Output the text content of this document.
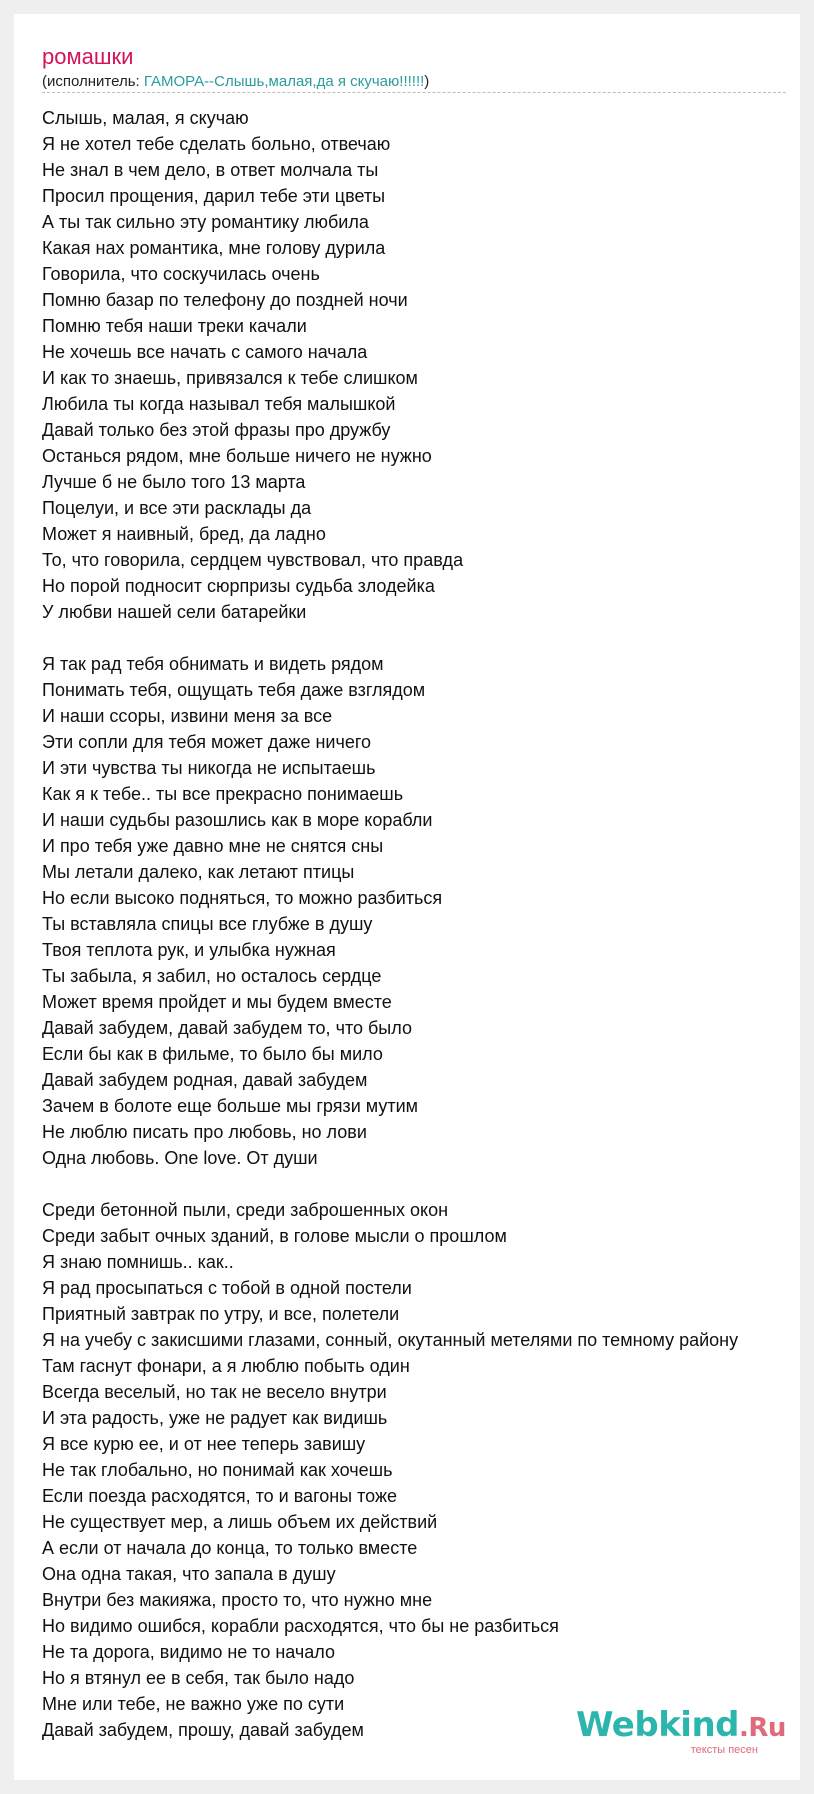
ромашки
(исполнитель: ГАМОРА--Слышь,малая,да я скучаю!!!!!!)
Слышь, малая, я скучаю
Я не хотел тебе сделать больно, отвечаю
Не знал в чем дело, в ответ молчала ты
Просил прощения, дарил тебе эти цветы
А ты так сильно эту романтику любила
Какая нах романтика, мне голову дурила
Говорила, что соскучилась очень
Помню базар по телефону до поздней ночи
Помню тебя наши треки качали
Не хочешь все начать с самого начала
И как то знаешь, привязался к тебе слишком
Любила ты когда называл тебя малышкой
Давай только без этой фразы про дружбу
Останься рядом, мне больше ничего не нужно
Лучше б не было того 13 марта
Поцелуи, и все эти расклады да
Может я наивный, бред, да ладно
То, что говорила, сердцем чувствовал, что правда
Но порой подносит сюрпризы судьба злодейка
У любви нашей сели батарейки
Я так рад тебя обнимать и видеть рядом
Понимать тебя, ощущать тебя даже взглядом
И наши ссоры, извини меня за все
Эти сопли для тебя может даже ничего
И эти чувства ты никогда не испытаешь
Как я к тебе.. ты все прекрасно понимаешь
И наши судьбы разошлись как в море корабли
И про тебя уже давно мне не снятся сны
Мы летали далеко, как летают птицы
Но если высоко подняться, то можно разбиться
Ты вставляла спицы все глубже в душу
Твоя теплота рук, и улыбка нужная
Ты забыла, я забил, но осталось сердце
Может время пройдет и мы будем вместе
Давай забудем, давай забудем то, что было
Если бы как в фильме, то было бы мило
Давай забудем родная, давай забудем
Зачем в болоте еще больше мы грязи мутим
Не люблю писать про любовь, но лови
Одна любовь. One love. От души
Среди бетонной пыли, среди заброшенных окон
Среди забыт очных зданий, в голове мысли о прошлом
Я знаю помнишь.. как..
Я рад просыпаться с тобой в одной постели
Приятный завтрак по утру, и все, полетели
Я на учебу с закисшими глазами, сонный, окутанный метелями по темному району
Там гаснут фонари, а я люблю побыть один
Всегда веселый, но так не весело внутри
И эта радость, уже не радует как видишь
Я все курю ее, и от нее теперь завишу
Не так глобально, но понимай как хочешь
Если поезда расходятся, то и вагоны тоже
Не существует мер, а лишь объем их действий
А если от начала до конца, то только вместе
Она одна такая, что запала в душу
Внутри без макияжа, просто то, что нужно мне
Но видимо ошибся, корабли расходятся, что бы не разбиться
Не та дорога, видимо не то начало
Но я втянул ее в себя, так было надо
Мне или тебе, не важно уже по сути
Давай забудем, прошу, давай забудем	Webkind.Ru
тексты песен
